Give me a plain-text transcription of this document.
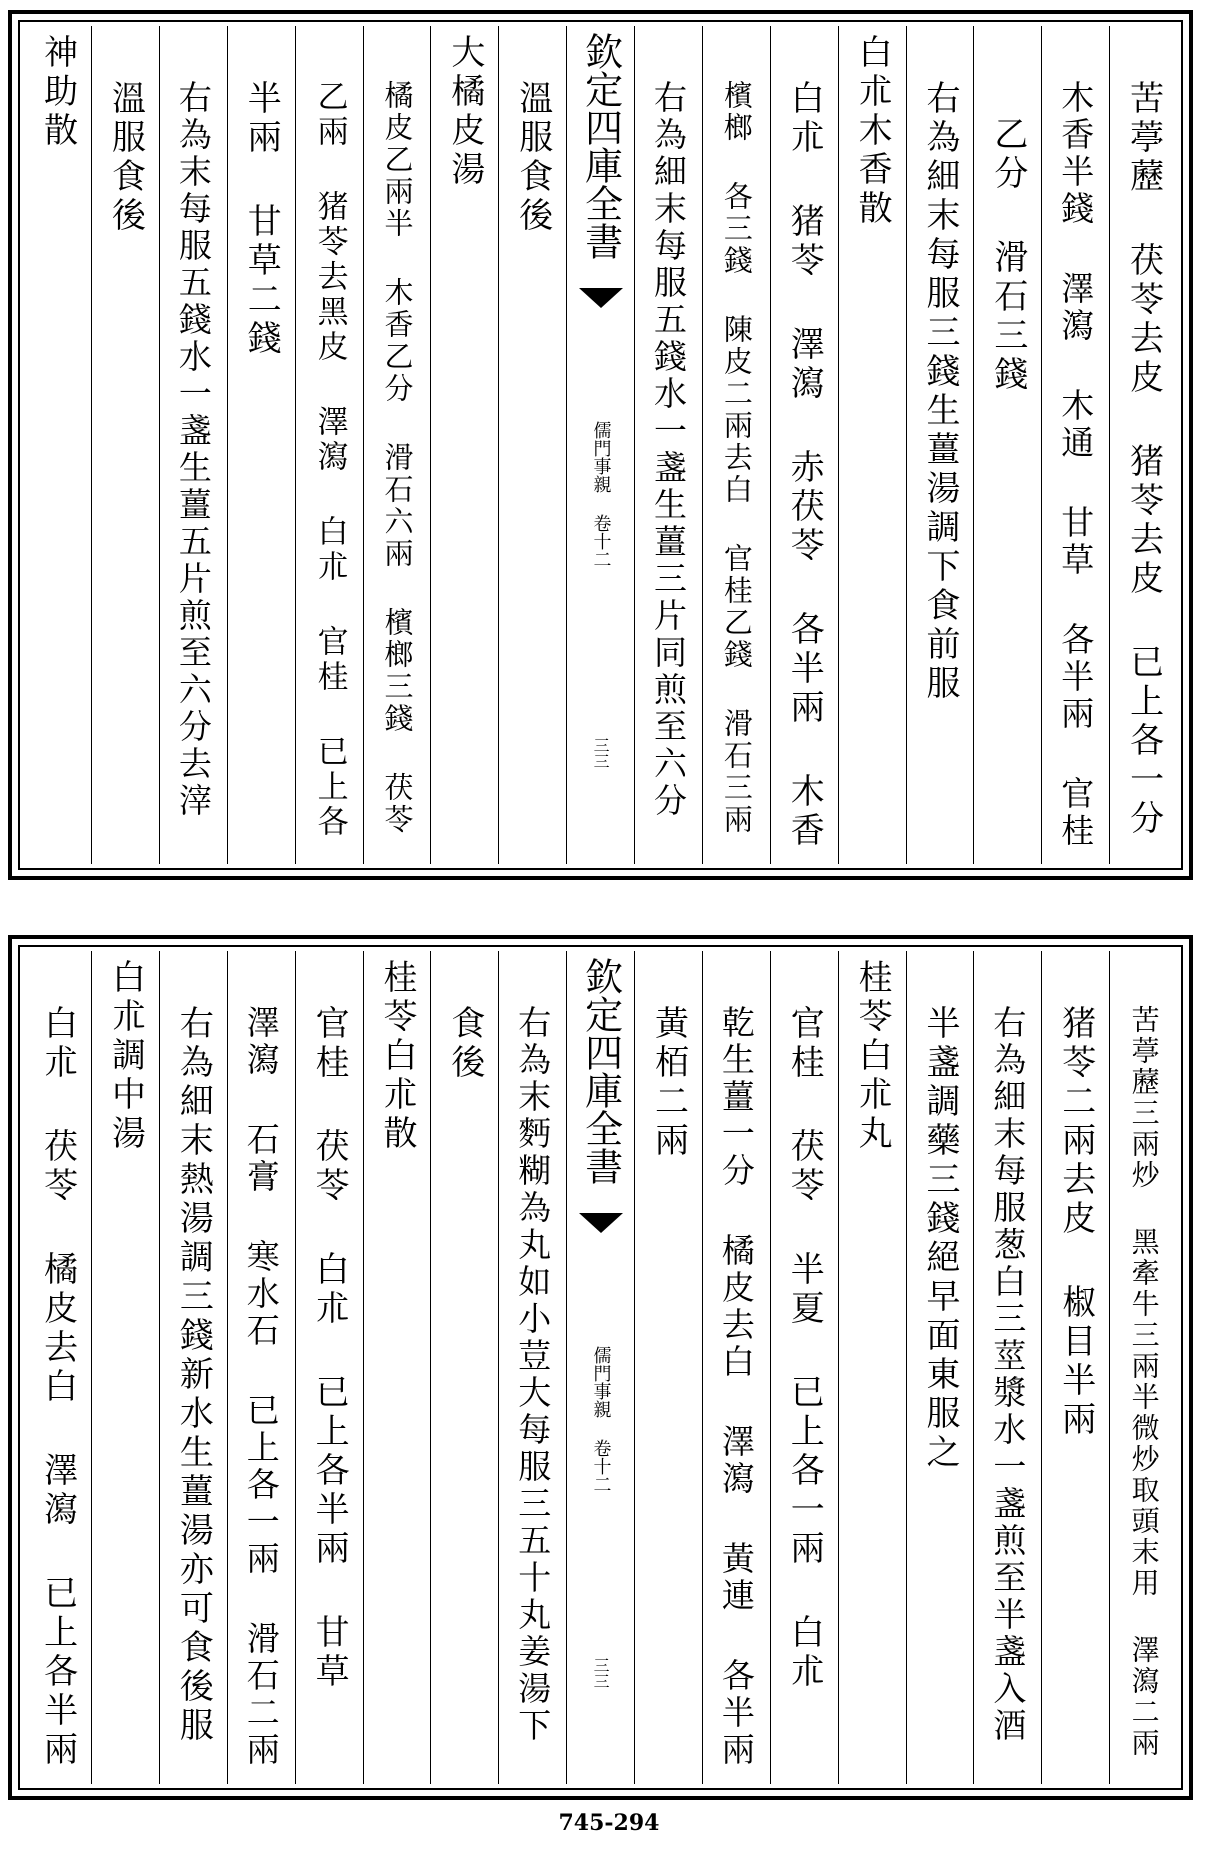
苦葶藶 茯苓去皮 猪苓去皮 已上各一分
木香半錢 澤瀉 木通 甘草 各半兩 官桂
乙分 滑石三錢
右為細末每服三錢生薑湯調下食前服
白朮木香散
白朮 猪苓 澤瀉 赤茯苓 各半兩 木香
檳榔 各三錢 陳皮二兩去白 官桂乙錢 滑石三兩
右為細末每服五錢水一盞生薑三片同煎至六分
欽定四庫全書
儒門事親 卷十二
三三
溫服食後
大橘皮湯
橘皮乙兩半 木香乙分 滑石六兩 檳榔三錢 茯苓
乙兩 猪苓去黑皮 澤瀉 白朮 官桂 已上各
半兩 甘草二錢
右為末每服五錢水一盞生薑五片煎至六分去滓
溫服食後
神助散
苦葶藶三兩炒 黑牽牛三兩半微炒取頭末用 澤瀉二兩
猪苓二兩去皮 椒目半兩
右為細末每服葱白三莖漿水一盞煎至半盞入酒
半盞調藥三錢絕早面東服之
桂苓白朮丸
官桂 茯苓 半夏 已上各一兩 白朮
乾生薑一分 橘皮去白 澤瀉 黃連 各半兩
黃栢二兩
欽定四庫全書
儒門事親 卷十二
三三
右為末麪糊為丸如小荳大每服三五十丸姜湯下
食後
桂苓白朮散
官桂 茯苓 白朮 已上各半兩 甘草
澤瀉 石膏 寒水石 已上各一兩 滑石二兩
右為細末熱湯調三錢新水生薑湯亦可食後服
白朮調中湯
白朮 茯苓 橘皮去白 澤瀉 已上各半兩
745-294
